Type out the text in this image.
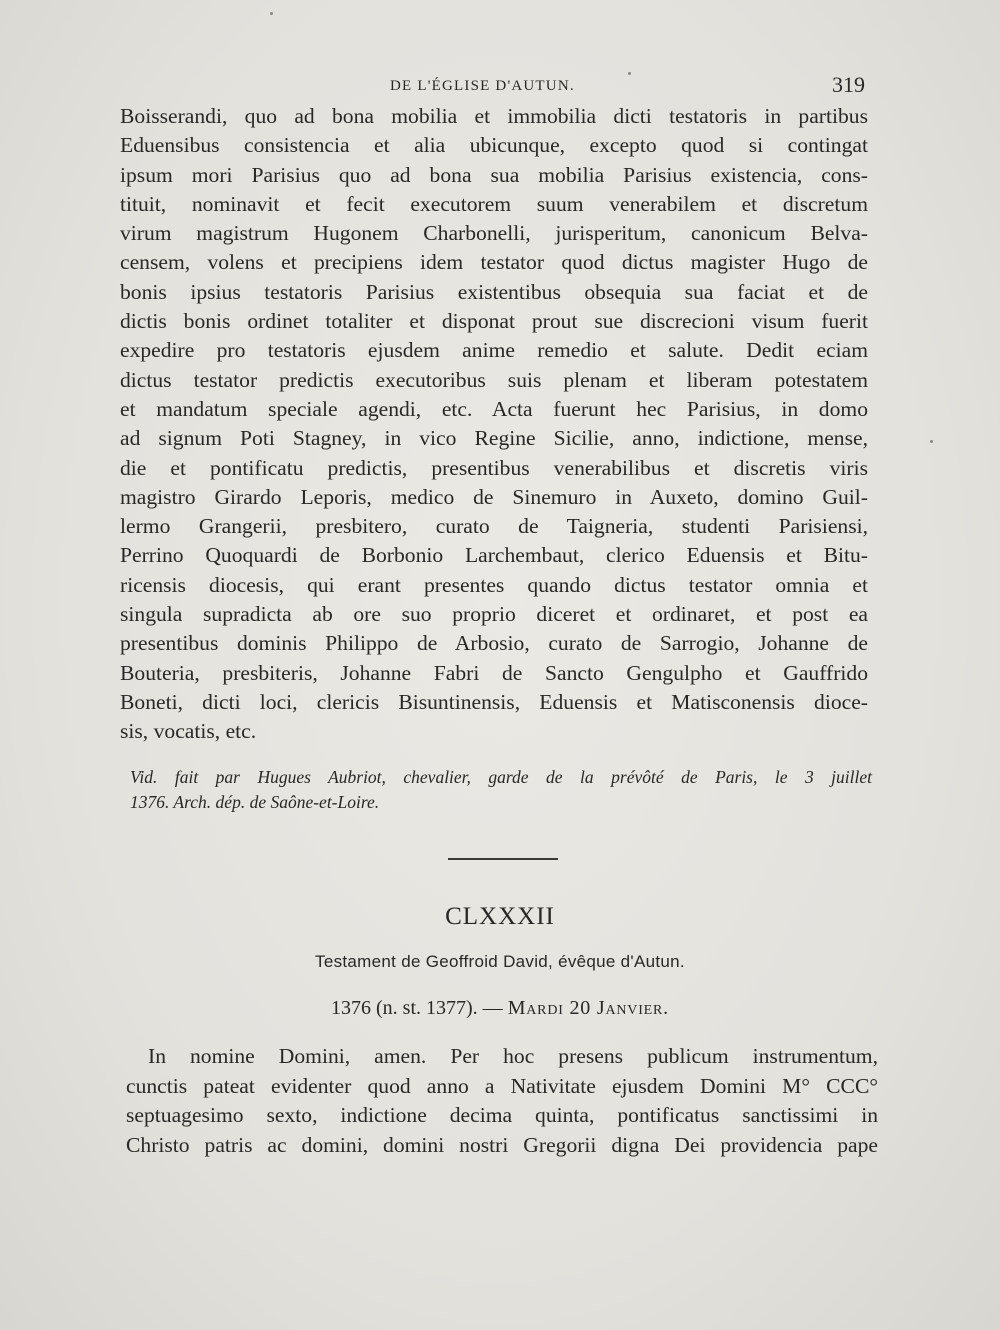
DE L'ÉGLISE D'AUTUN.	319
Boisserandi, quo ad bona mobilia et immobilia dicti testatoris in partibus
Eduensibus consistencia et alia ubicunque, excepto quod si contingat
ipsum mori Parisius quo ad bona sua mobilia Parisius existencia, cons-
tituit, nominavit et fecit executorem suum venerabilem et discretum
virum magistrum Hugonem Charbonelli, jurisperitum, canonicum Belva-
censem, volens et precipiens idem testator quod dictus magister Hugo de
bonis ipsius testatoris Parisius existentibus obsequia sua faciat et de
dictis bonis ordinet totaliter et disponat prout sue discrecioni visum fuerit
expedire pro testatoris ejusdem anime remedio et salute. Dedit eciam
dictus testator predictis executoribus suis plenam et liberam potestatem
et mandatum speciale agendi, etc. Acta fuerunt hec Parisius, in domo
ad signum Poti Stagney, in vico Regine Sicilie, anno, indictione, mense,
die et pontificatu predictis, presentibus venerabilibus et discretis viris
magistro Girardo Leporis, medico de Sinemuro in Auxeto, domino Guil-
lermo Grangerii, presbitero, curato de Taigneria, studenti Parisiensi,
Perrino Quoquardi de Borbonio Larchembaut, clerico Eduensis et Bitu-
ricensis diocesis, qui erant presentes quando dictus testator omnia et
singula supradicta ab ore suo proprio diceret et ordinaret, et post ea
presentibus dominis Philippo de Arbosio, curato de Sarrogio, Johanne de
Bouteria, presbiteris, Johanne Fabri de Sancto Gengulpho et Gauffrido
Boneti, dicti loci, clericis Bisuntinensis, Eduensis et Matisconensis dioce-
sis, vocatis, etc.
Vid. fait par Hugues Aubriot, chevalier, garde de la prévôté de Paris, le 3 juillet
1376. Arch. dép. de Saône-et-Loire.
CLXXXII
Testament de Geoffroid David, évêque d'Autun.
1376 (n. st. 1377). — Mardi 20 Janvier.
In nomine Domini, amen. Per hoc presens publicum instrumentum,
cunctis pateat evidenter quod anno a Nativitate ejusdem Domini M° CCC°
septuagesimo sexto, indictione decima quinta, pontificatus sanctissimi in
Christo patris ac domini, domini nostri Gregorii digna Dei providencia pape
